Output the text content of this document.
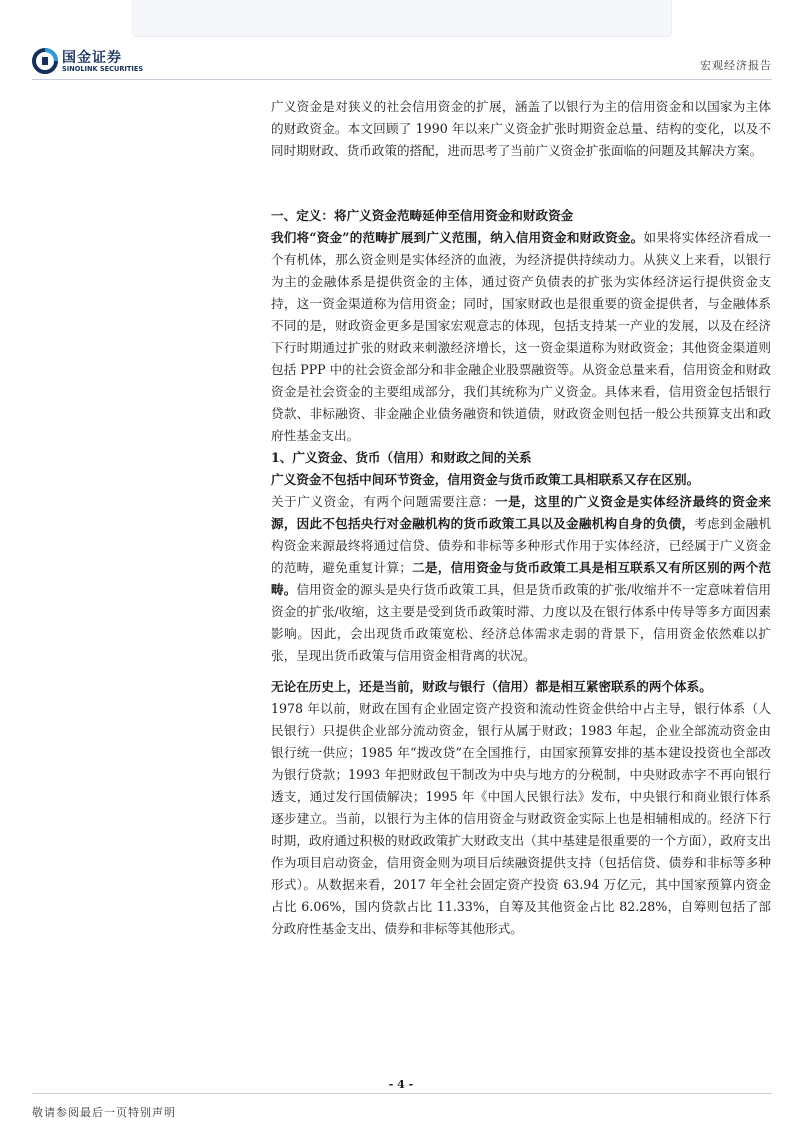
国金证券
SINOLINK SECURITIES	宏观经济报告

广义资金是对狭义的社会信用资金的扩展，涵盖了以银行为主的信用资金和以国家为主体的财政资金。本文回顾了 1990 年以来广义资金扩张时期资金总量、结构的变化，以及不同时期财政、货币政策的搭配，进而思考了当前广义资金扩张面临的问题及其解决方案。

一、定义：将广义资金范畴延伸至信用资金和财政资金

我们将“资金”的范畴扩展到广义范围，纳入信用资金和财政资金。如果将实体经济看成一个有机体，那么资金则是实体经济的血液，为经济提供持续动力。从狭义上来看，以银行为主的金融体系是提供资金的主体，通过资产负债表的扩张为实体经济运行提供资金支持，这一资金渠道称为信用资金；同时，国家财政也是很重要的资金提供者，与金融体系不同的是，财政资金更多是国家宏观意志的体现，包括支持某一产业的发展，以及在经济下行时期通过扩张的财政来刺激经济增长，这一资金渠道称为财政资金；其他资金渠道则包括 PPP 中的社会资金部分和非金融企业股票融资等。从资金总量来看，信用资金和财政资金是社会资金的主要组成部分，我们其统称为广义资金。具体来看，信用资金包括银行贷款、非标融资、非金融企业债务融资和铁道债，财政资金则包括一般公共预算支出和政府性基金支出。

1、广义资金、货币（信用）和财政之间的关系

广义资金不包括中间环节资金，信用资金与货币政策工具相联系又存在区别。

关于广义资金，有两个问题需要注意：一是，这里的广义资金是实体经济最终的资金来源，因此不包括央行对金融机构的货币政策工具以及金融机构自身的负债，考虑到金融机构资金来源最终将通过信贷、债券和非标等多种形式作用于实体经济，已经属于广义资金的范畴，避免重复计算；二是，信用资金与货币政策工具是相互联系又有所区别的两个范畴。信用资金的源头是央行货币政策工具，但是货币政策的扩张/收缩并不一定意味着信用资金的扩张/收缩，这主要是受到货币政策时滞、力度以及在银行体系中传导等多方面因素影响。因此，会出现货币政策宽松、经济总体需求走弱的背景下，信用资金依然难以扩张，呈现出货币政策与信用资金相背离的状况。

无论在历史上，还是当前，财政与银行（信用）都是相互紧密联系的两个体系。

1978 年以前，财政在国有企业固定资产投资和流动性资金供给中占主导，银行体系（人民银行）只提供企业部分流动资金，银行从属于财政；1983 年起，企业全部流动资金由银行统一供应；1985 年“拨改贷”在全国推行，由国家预算安排的基本建设投资也全部改为银行贷款；1993 年把财政包干制改为中央与地方的分税制，中央财政赤字不再向银行透支，通过发行国债解决；1995 年《中国人民银行法》发布，中央银行和商业银行体系逐步建立。当前，以银行为主体的信用资金与财政资金实际上也是相辅相成的。经济下行时期，政府通过积极的财政政策扩大财政支出（其中基建是很重要的一个方面），政府支出作为项目启动资金，信用资金则为项目后续融资提供支持（包括信贷、债券和非标等多种形式）。从数据来看，2017 年全社会固定资产投资 63.94 万亿元，其中国家预算内资金占比 6.06%，国内贷款占比 11.33%，自筹及其他资金占比 82.28%，自筹则包括了部分政府性基金支出、债券和非标等其他形式。

- 4 -
敬请参阅最后一页特别声明
